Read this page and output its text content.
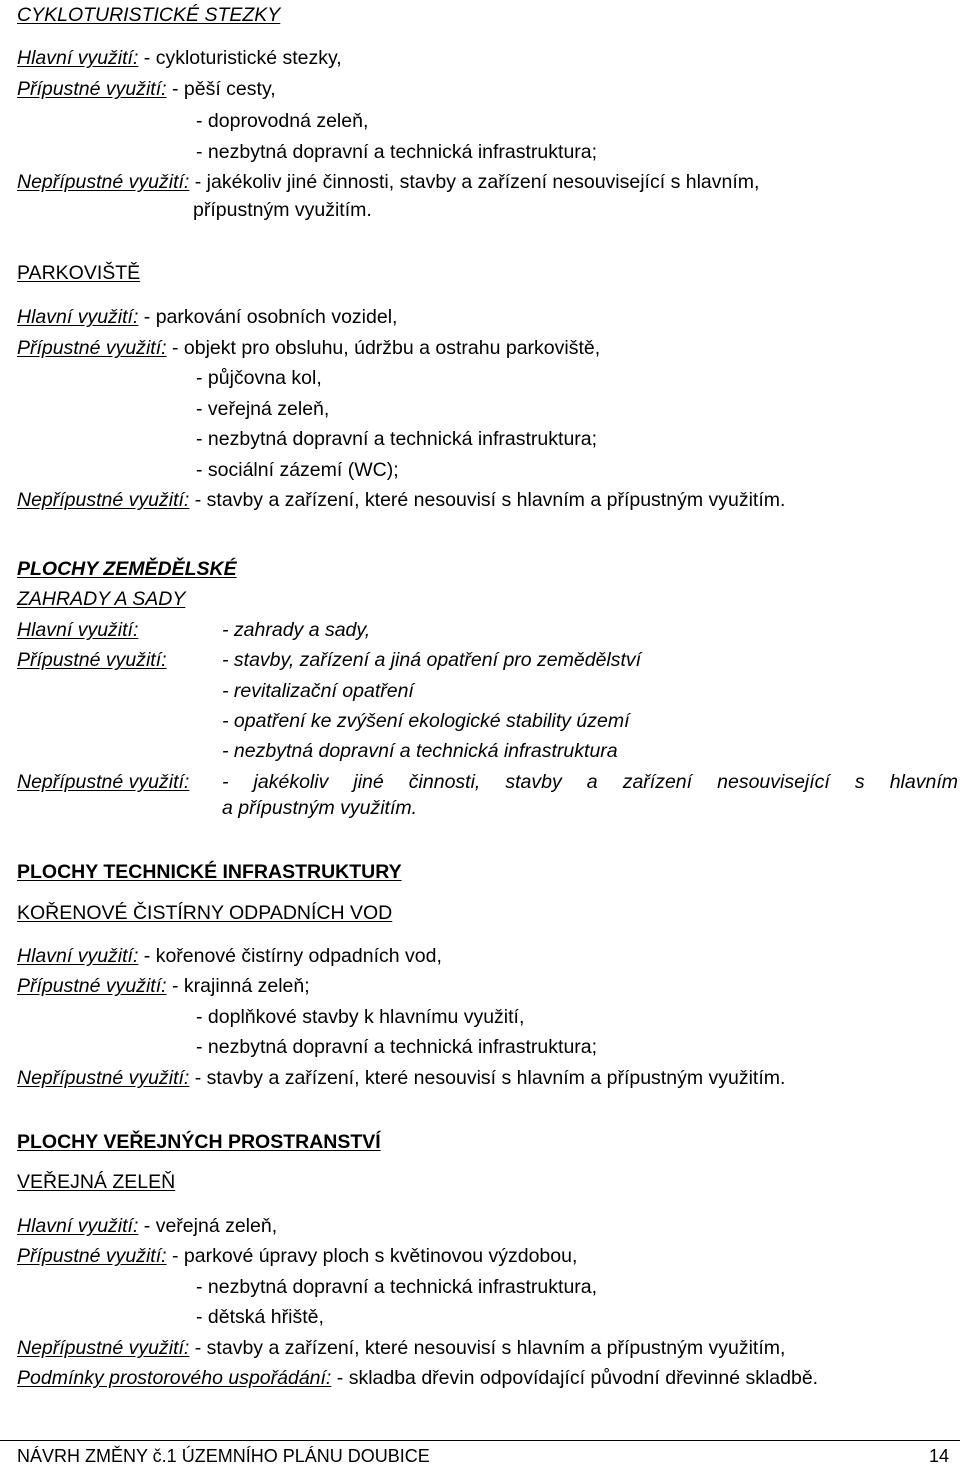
CYKLOTURISTICKÉ STEZKY
Hlavní využití: - cykloturistické stezky,
Přípustné využití: - pěší cesty,
- doprovodná zeleň,
- nezbytná dopravní a technická infrastruktura;
Nepřípustné využití: - jakékoliv jiné činnosti, stavby a zařízení nesouvisející s hlavním,
přípustným využitím.
PARKOVIŠTĚ
Hlavní využití: - parkování osobních vozidel,
Přípustné využití: - objekt pro obsluhu, údržbu a ostrahu parkoviště,
- půjčovna kol,
- veřejná zeleň,
- nezbytná dopravní a technická infrastruktura;
- sociální zázemí (WC);
Nepřípustné využití: - stavby a zařízení, které nesouvisí s hlavním a přípustným využitím.
PLOCHY ZEMĚDĚLSKÉ
ZAHRADY A SADY
Hlavní využití:	- zahrady a sady,
Přípustné využití:	- stavby, zařízení a jiná opatření pro zemědělství
- revitalizační opatření
- opatření ke zvýšení ekologické stability území
- nezbytná dopravní a technická infrastruktura
Nepřípustné využití: - jakékoliv jiné činnosti, stavby a zařízení nesouvisející s hlavním
a přípustným využitím.
PLOCHY TECHNICKÉ INFRASTRUKTURY
KOŘENOVÉ ČISTÍRNY ODPADNÍCH VOD
Hlavní využití: - kořenové čistírny odpadních vod,
Přípustné využití: - krajinná zeleň;
- doplňkové stavby k hlavnímu využití,
- nezbytná dopravní a technická infrastruktura;
Nepřípustné využití: - stavby a zařízení, které nesouvisí s hlavním a přípustným využitím.
PLOCHY VEŘEJNÝCH PROSTRANSTVÍ
VEŘEJNÁ ZELEŇ
Hlavní využití: - veřejná zeleň,
Přípustné využití: - parkové úpravy ploch s květinovou výzdobou,
- nezbytná dopravní a technická infrastruktura,
- dětská hřiště,
Nepřípustné využití: - stavby a zařízení, které nesouvisí s hlavním a přípustným využitím,
Podmínky prostorového uspořádání: - skladba dřevin odpovídající původní dřevinné skladbě.
NÁVRH ZMĚNY č.1 ÚZEMNÍHO PLÁNU DOUBICE	14
